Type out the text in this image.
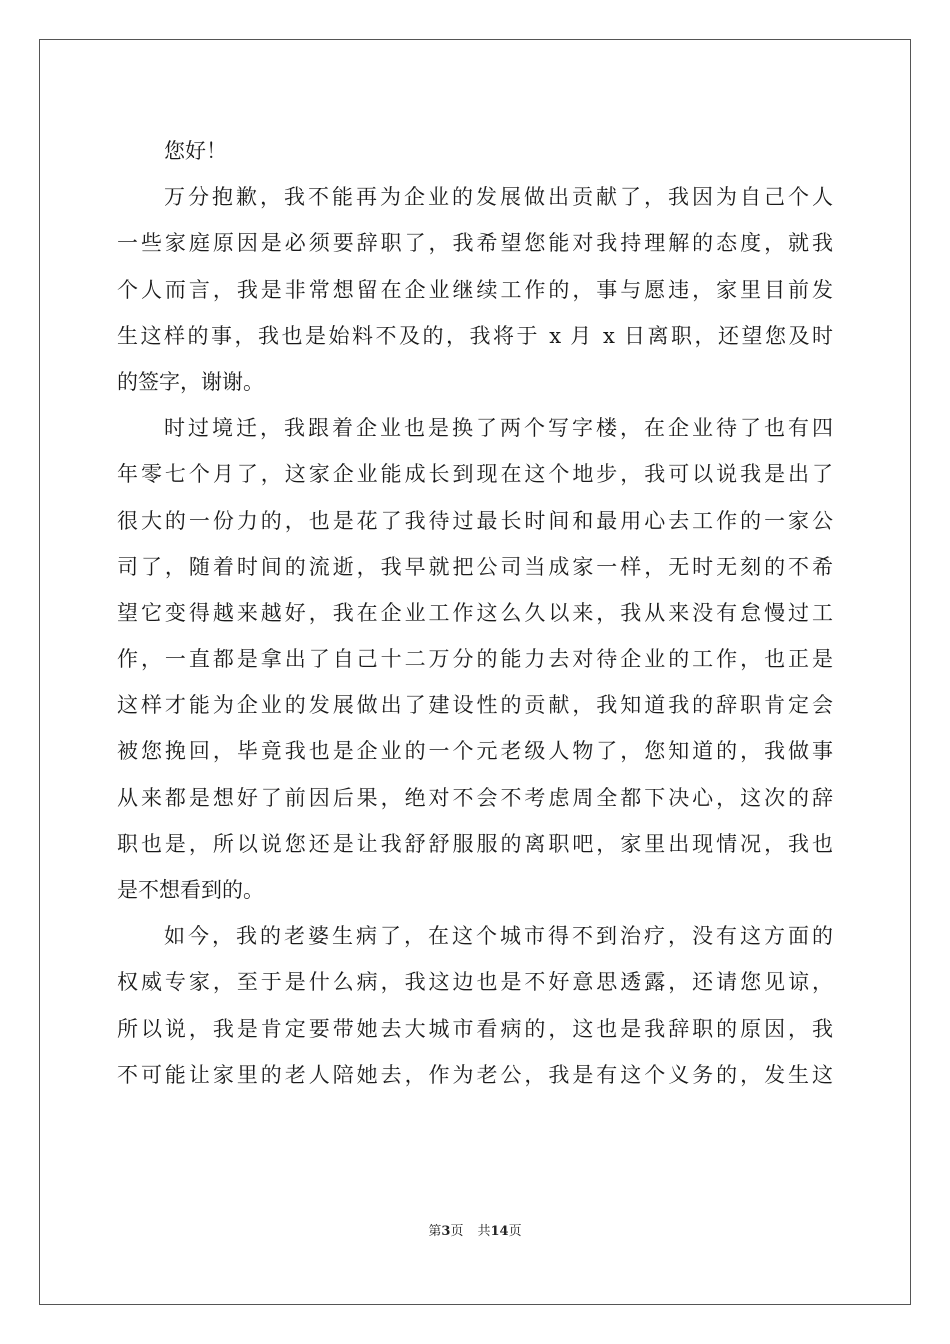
您好！
万分抱歉，我不能再为企业的发展做出贡献了，我因为自己个人
一些家庭原因是必须要辞职了，我希望您能对我持理解的态度，就我
个人而言，我是非常想留在企业继续工作的，事与愿违，家里目前发
生这样的事，我也是始料不及的，我将于 x 月 x 日离职，还望您及时
的签字，谢谢。
时过境迁，我跟着企业也是换了两个写字楼，在企业待了也有四
年零七个月了，这家企业能成长到现在这个地步，我可以说我是出了
很大的一份力的，也是花了我待过最长时间和最用心去工作的一家公
司了，随着时间的流逝，我早就把公司当成家一样，无时无刻的不希
望它变得越来越好，我在企业工作这么久以来，我从来没有怠慢过工
作，一直都是拿出了自己十二万分的能力去对待企业的工作，也正是
这样才能为企业的发展做出了建设性的贡献，我知道我的辞职肯定会
被您挽回，毕竟我也是企业的一个元老级人物了，您知道的，我做事
从来都是想好了前因后果，绝对不会不考虑周全都下决心，这次的辞
职也是，所以说您还是让我舒舒服服的离职吧，家里出现情况，我也
是不想看到的。
如今，我的老婆生病了，在这个城市得不到治疗，没有这方面的
权威专家，至于是什么病，我这边也是不好意思透露，还请您见谅，
所以说，我是肯定要带她去大城市看病的，这也是我辞职的原因，我
不可能让家里的老人陪她去，作为老公，我是有这个义务的，发生这
第3页 共14页
